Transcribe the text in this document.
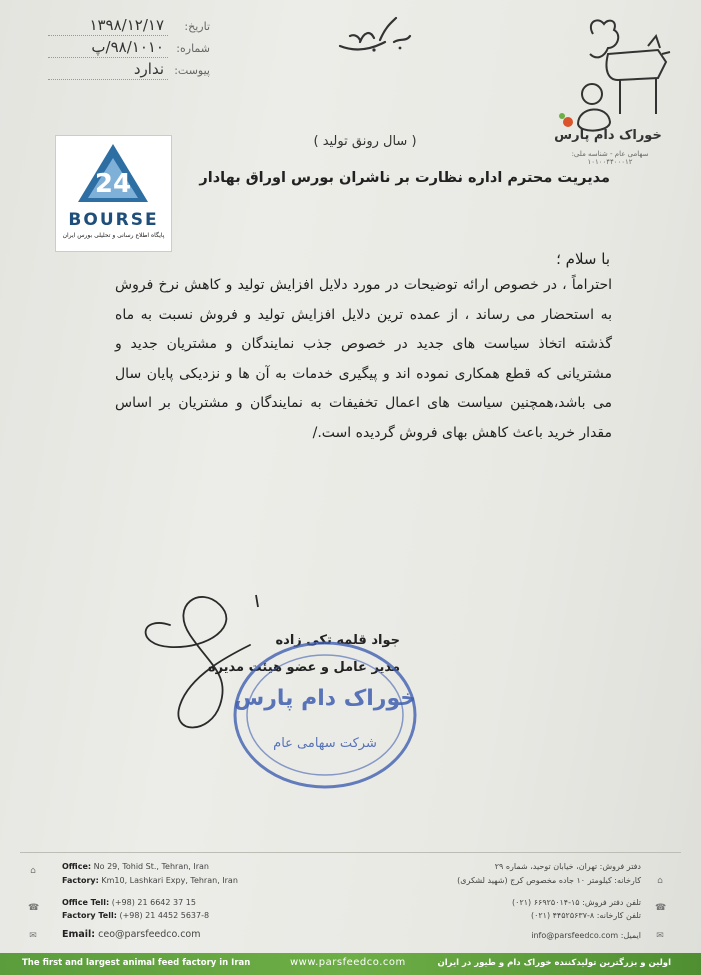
۱۳۹۸/۱۲/۱۷ تاریخ:
۹۸/۱۰۱۰/پ شماره:
ندارد پیوست:
خوراک دام پارس
سهامی عام - شناسه ملی: ۱۰۱۰۰۴۴۰۰۰۱۲
24
BOURSE
پایگاه اطلاع رسانی و تحلیلی بورس ایران
( سال رونق تولید )
مدیریت محترم اداره نظارت بر ناشران بورس اوراق بهادار
با سلام ؛

احتراماً ، در خصوص ارائه توضیحات در مورد دلایل افزایش تولید و کاهش نرخ فروش به استحضار می رساند ، از عمده ترین دلایل افزایش تولید و فروش نسبت به ماه گذشته اتخاذ سیاست های جدید در خصوص جذب نمایندگان و مشتریان جدید و مشتریانی که قطع همکاری نموده اند و پیگیری خدمات به آن ها و نزدیکی پایان سال می باشد،همچنین سیاست های اعمال تخفیفات به نمایندگان و مشتریان بر اساس مقدار خرید باعث کاهش بهای فروش گردیده است./

جواد قلمه تکی زاده
مدیر عامل و عضو هیئت مدیره
خوراک دام پارس
شرکت سهامی عام
⌂	Office: No 29, Tohid St., Tehran, Iran
Factory: Km10, Lashkari Expy, Tehran, Iran
☎
Office Tell: (+98) 21 6642 37 15
Factory Tell: (+98) 21 4452 5637-8
✉	Email: ceo@parsfeedco.com
دفتر فروش: تهران، خیابان توحید، شماره ۲۹
کارخانه: کیلومتر ۱۰ جاده مخصوص کرج (شهید لشکری)
تلفن دفتر فروش: ۱۵-۶۶۹۲۵۰۱۴ (۰۲۱)
تلفن کارخانه: ۸-۴۴۵۲۵۶۳۷ (۰۲۱)
ایمیل: info@parsfeedco.com
⌂
☎
✉
The first and largest animal feed factory in Iran	www.parsfeedco.com	اولین و بزرگترین تولیدکننده خوراک دام و طیور در ایران
